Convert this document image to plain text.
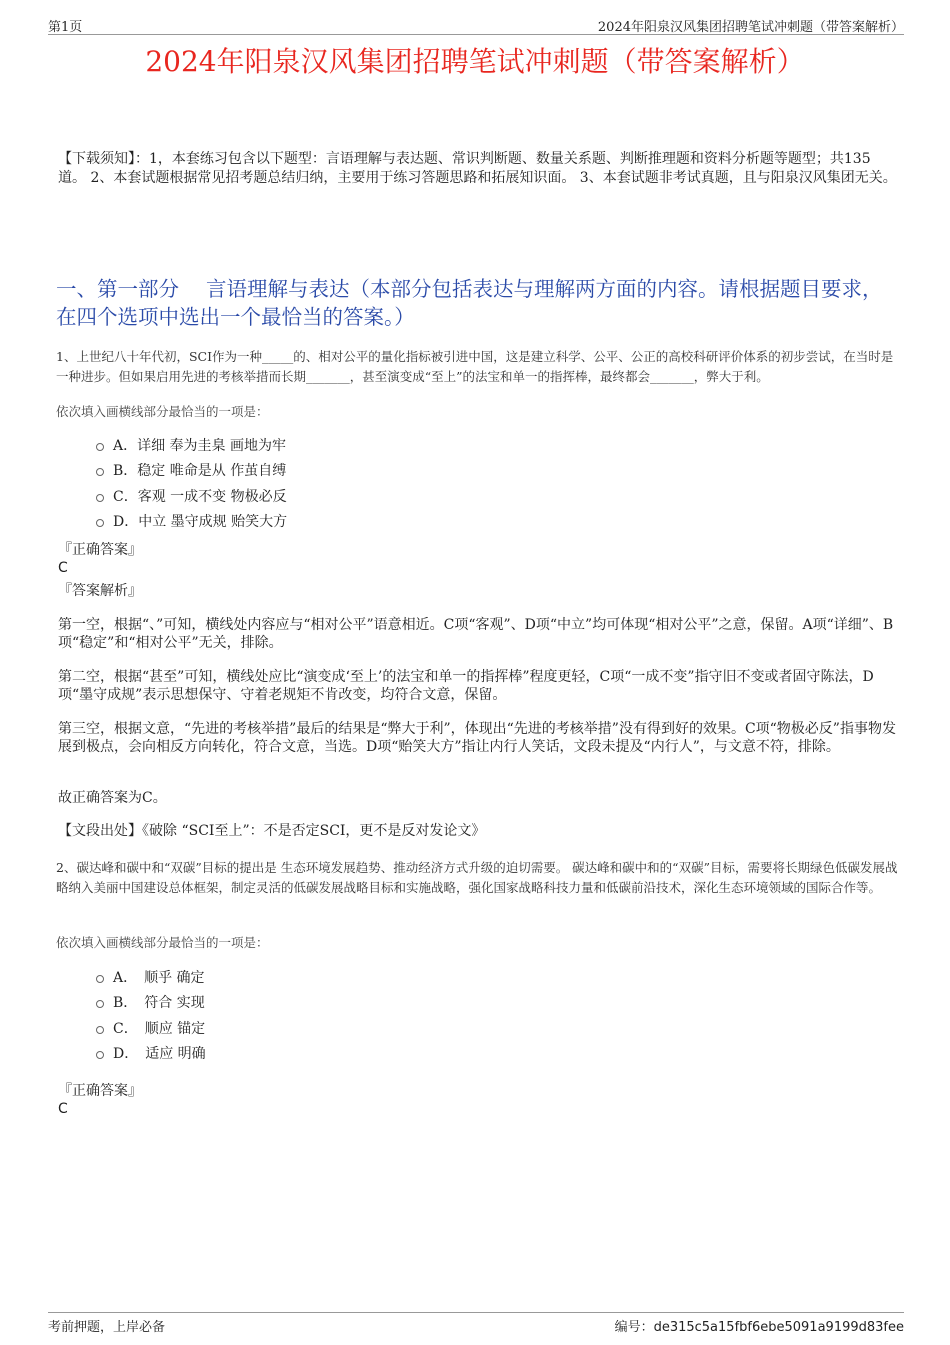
第1页	2024年阳泉汉风集团招聘笔试冲刺题（带答案解析）
2024年阳泉汉风集团招聘笔试冲刺题（带答案解析）
【下载须知】：1，本套练习包含以下题型：言语理解与表达题、常识判断题、数量关系题、判断推理题和资料分析题等题型；共135道。 2、本套试题根据常见招考题总结归纳，主要用于练习答题思路和拓展知识面。 3、本套试题非考试真题，且与阳泉汉风集团无关。
一、第一部分　 言语理解与表达（本部分包括表达与理解两方面的内容。请根据题目要求，在四个选项中选出一个最恰当的答案。）
1、上世纪八十年代初，SCI作为一种_____的、相对公平的量化指标被引进中国，这是建立科学、公平、公正的高校科研评价体系的初步尝试，在当时是一种进步。但如果启用先进的考核举措而长期_______，甚至演变成“至上”的法宝和单一的指挥棒，最终都会_______，弊大于利。
依次填入画横线部分最恰当的一项是：
A．详细 奉为圭臬 画地为牢
B．稳定 唯命是从 作茧自缚
C．客观 一成不变 物极必反
D．中立 墨守成规 贻笑大方
『正确答案』
C
『答案解析』
第一空，根据“、”可知，横线处内容应与“相对公平”语意相近。C项“客观”、D项“中立”均可体现“相对公平”之意，保留。A项“详细”、B项“稳定”和“相对公平”无关，排除。
第二空，根据“甚至”可知，横线处应比“演变成‘至上’的法宝和单一的指挥棒”程度更轻，C项“一成不变”指守旧不变或者固守陈法，D项“墨守成规”表示思想保守、守着老规矩不肯改变，均符合文意，保留。
第三空，根据文意，“先进的考核举措”最后的结果是“弊大于利”，体现出“先进的考核举措”没有得到好的效果。C项“物极必反”指事物发展到极点，会向相反方向转化，符合文意，当选。D项“贻笑大方”指让内行人笑话，文段未提及“内行人”，与文意不符，排除。
故正确答案为C。
【文段出处】《破除 “SCI至上”：不是否定SCI，更不是反对发论文》
2、碳达峰和碳中和“双碳”目标的提出是 生态环境发展趋势、推动经济方式升级的迫切需要。 碳达峰和碳中和的“双碳”目标，需要将长期绿色低碳发展战略纳入美丽中国建设总体框架，制定灵活的低碳发展战略目标和实施战略，强化国家战略科技力量和低碳前沿技术，深化生态环境领域的国际合作等。
依次填入画横线部分最恰当的一项是：
A．　顺乎 确定
B．　符合 实现
C．　顺应 锚定
D．　适应 明确
『正确答案』
C
考前押题，上岸必备	编号：de315c5a15fbf6ebe5091a9199d83fee
